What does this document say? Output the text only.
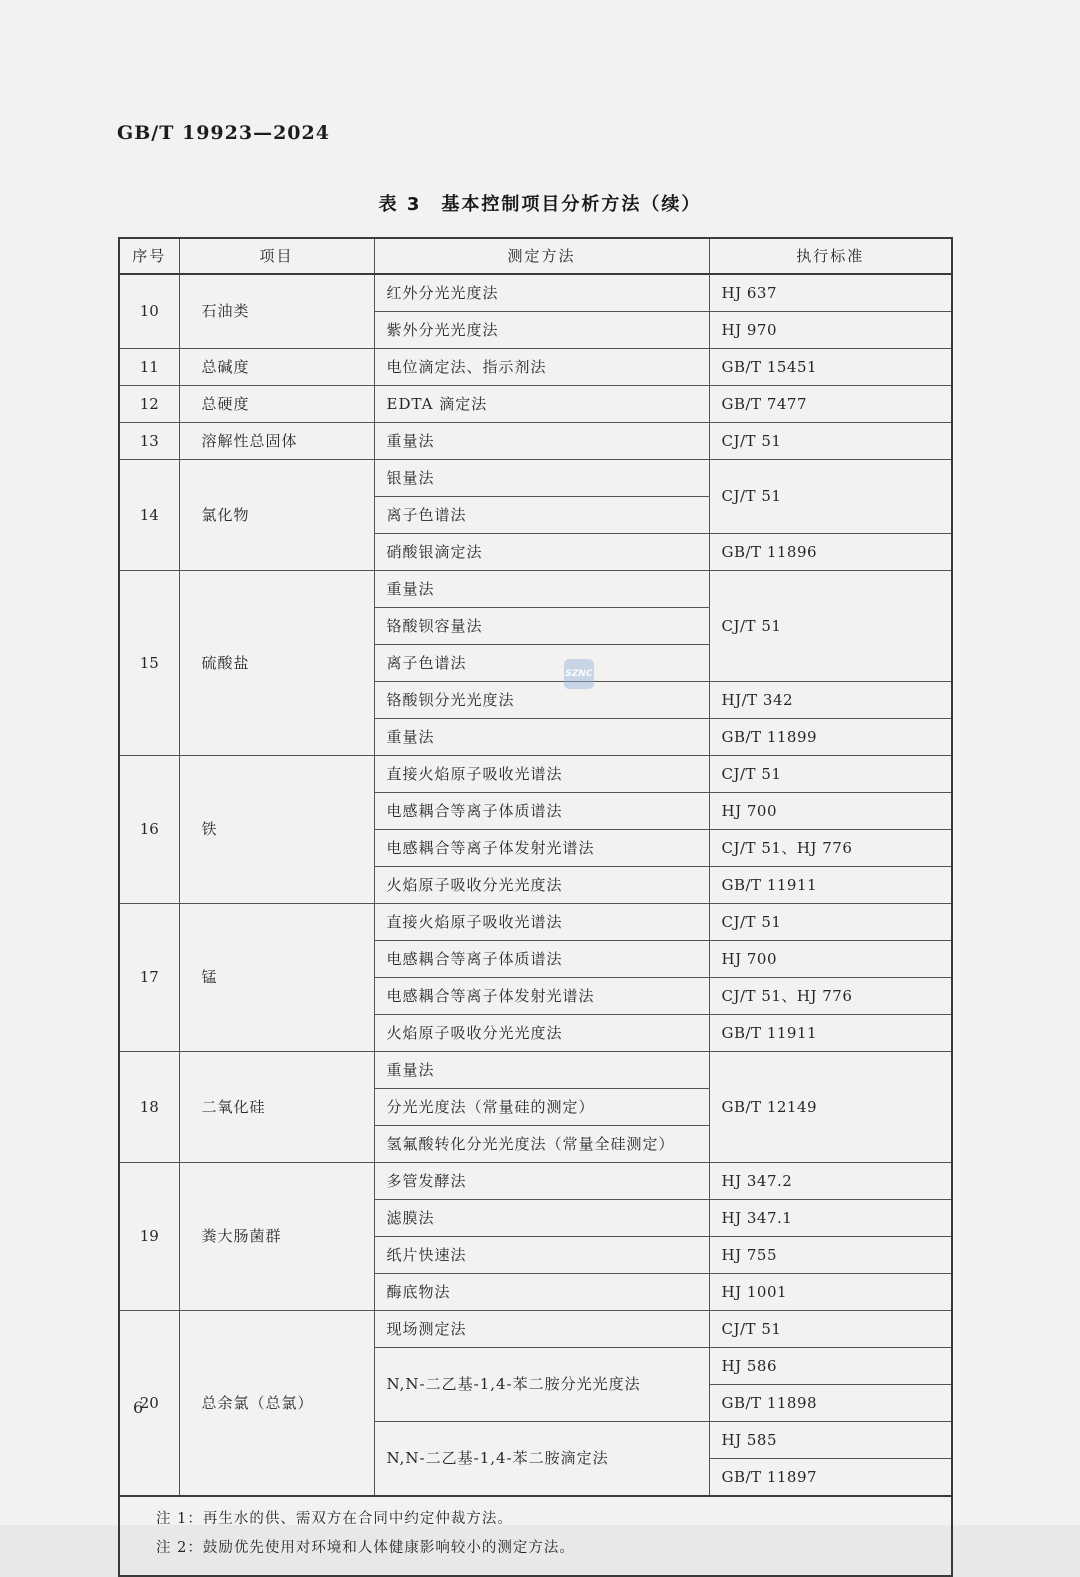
GB/T 19923—2024
表 3　基本控制项目分析方法（续）
序号	项目	测定方法	执行标准
10	石油类	红外分光光度法	HJ 637
		紫外分光光度法	HJ 970
11	总碱度	电位滴定法、指示剂法	GB/T 15451
12	总硬度	EDTA 滴定法	GB/T 7477
13	溶解性总固体	重量法	CJ/T 51
14	氯化物	银量法	CJ/T 51
		离子色谱法	
		硝酸银滴定法	GB/T 11896
15	硫酸盐	重量法	CJ/T 51
		铬酸钡容量法	
		离子色谱法	
		铬酸钡分光光度法	HJ/T 342
		重量法	GB/T 11899
16	铁	直接火焰原子吸收光谱法	CJ/T 51
		电感耦合等离子体质谱法	HJ 700
		电感耦合等离子体发射光谱法	CJ/T 51、HJ 776
		火焰原子吸收分光光度法	GB/T 11911
17	锰	直接火焰原子吸收光谱法	CJ/T 51
		电感耦合等离子体质谱法	HJ 700
		电感耦合等离子体发射光谱法	CJ/T 51、HJ 776
		火焰原子吸收分光光度法	GB/T 11911
18	二氧化硅	重量法	GB/T 12149
		分光光度法（常量硅的测定）	
		氢氟酸转化分光光度法（常量全硅测定）	
19	粪大肠菌群	多管发酵法	HJ 347.2
		滤膜法	HJ 347.1
		纸片快速法	HJ 755
		酶底物法	HJ 1001
20	总余氯（总氯）	现场测定法	CJ/T 51
		N,N-二乙基-1,4-苯二胺分光光度法	HJ 586
			GB/T 11898
		N,N-二乙基-1,4-苯二胺滴定法	HJ 585
			GB/T 11897

注 1：再生水的供、需双方在合同中约定仲裁方法。
注 2：鼓励优先使用对环境和人体健康影响较小的测定方法。			
SZNC
6
